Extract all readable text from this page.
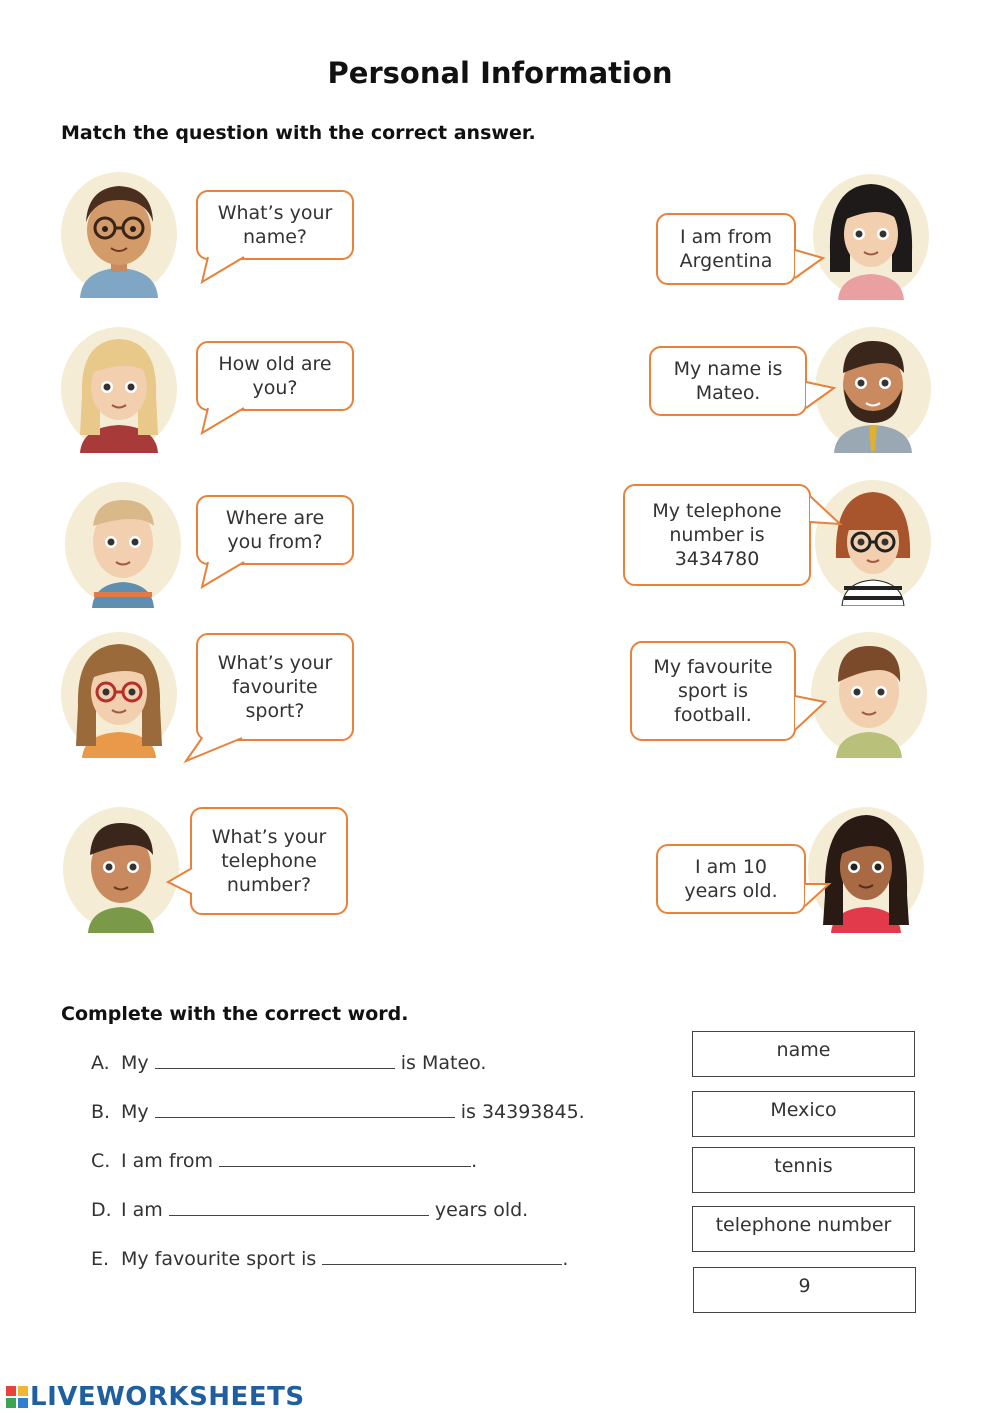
Personal Information
Match the question with the correct answer.
What’s your
name?
How old are
you?
Where are
you from?
What’s your
favourite
sport?
What’s your
telephone
number?
I am from
Argentina
My name is
Mateo.
My telephone
number is
3434780
My favourite
sport is
football.
I am 10
years old.
Complete with the correct word.
A. My	is Mateo.
B. My	is 34393845.
C. I am from	.
D. I am	years old.
E. My favourite sport is	.
name
Mexico
tennis
telephone number
9
LIVEWORKSHEETS
